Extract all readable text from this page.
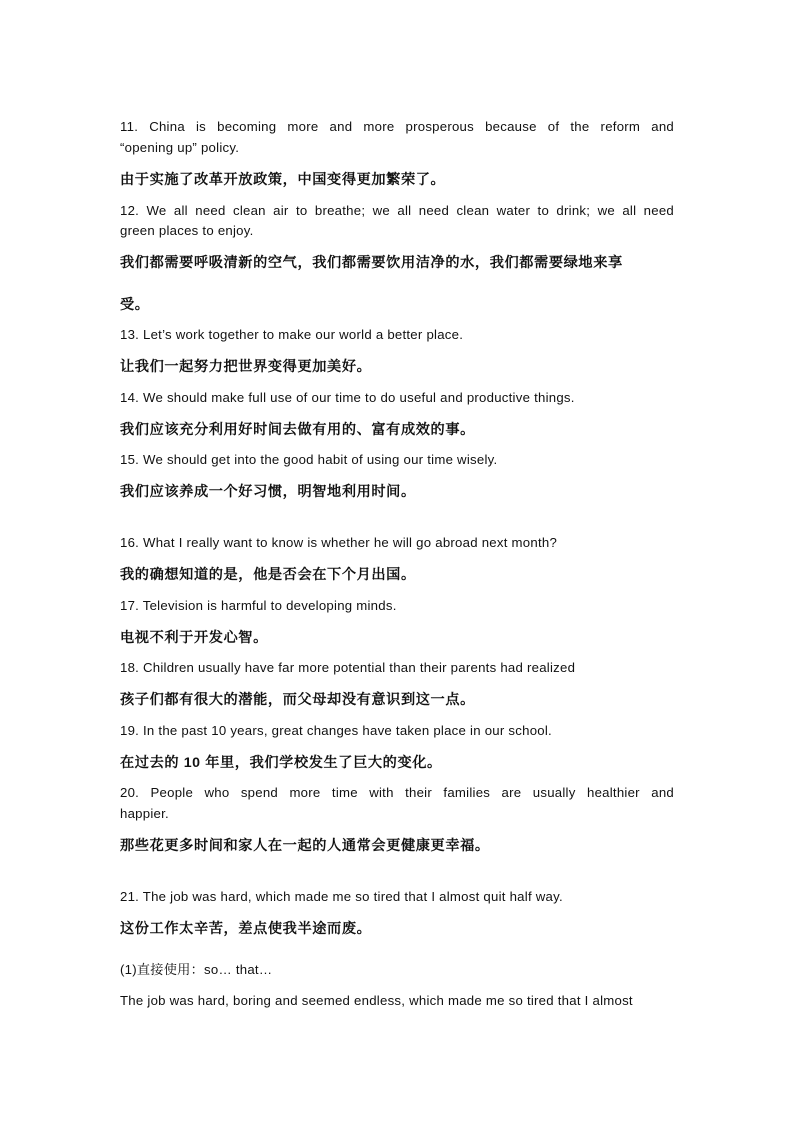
11. China is becoming more and more prosperous because of the reform and
“opening up” policy.
由于实施了改革开放政策，中国变得更加繁荣了。
12. We all need clean air to breathe; we all need clean water to drink; we all need
green places to enjoy.
我们都需要呼吸清新的空气，我们都需要饮用洁净的水，我们都需要绿地来享
受。
13. Let’s work together to make our world a better place.
让我们一起努力把世界变得更加美好。
14. We should make full use of our time to do useful and productive things.
我们应该充分利用好时间去做有用的、富有成效的事。
15. We should get into the good habit of using our time wisely.
我们应该养成一个好习惯，明智地利用时间。
16. What I really want to know is whether he will go abroad next month?
我的确想知道的是，他是否会在下个月出国。
17. Television is harmful to developing minds.
电视不利于开发心智。
18. Children usually have far more potential than their parents had realized
孩子们都有很大的潜能，而父母却没有意识到这一点。
19. In the past 10 years, great changes have taken place in our school.
在过去的 10 年里，我们学校发生了巨大的变化。
20. People who spend more time with their families are usually healthier and
happier.
那些花更多时间和家人在一起的人通常会更健康更幸福。
21. The job was hard, which made me so tired that I almost quit half way.
这份工作太辛苦，差点使我半途而废。
(1)直接使用：so… that…
The job was hard, boring and seemed endless, which made me so tired that I almost
